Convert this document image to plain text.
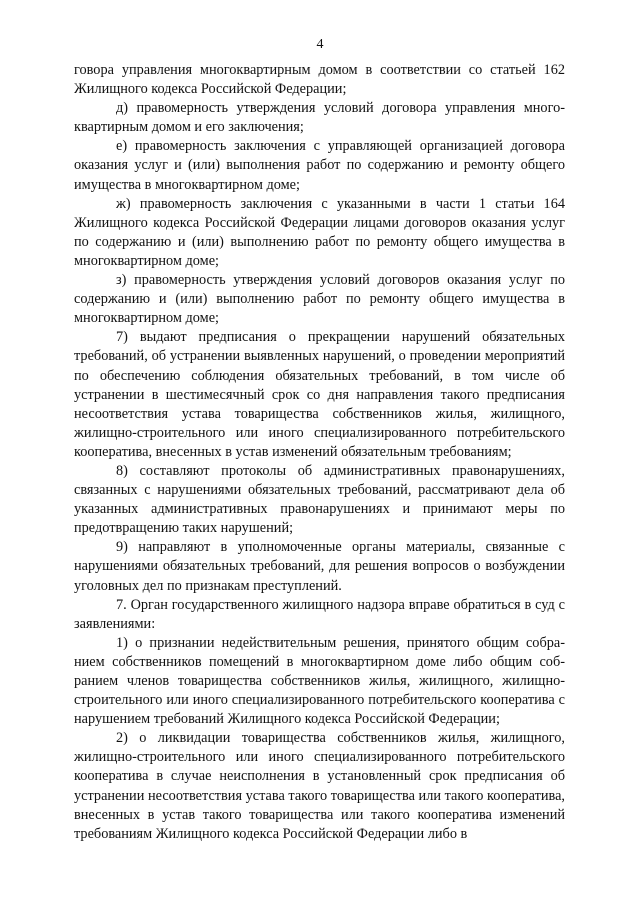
4

говора управления многоквартирным домом в соответствии со статьей 162 Жилищного кодекса Российской Федерации;

д) правомерность утверждения условий договора управления многоквартирным домом и его заключения;

е) правомерность заключения с управляющей организацией договора оказания услуг и (или) выполнения работ по содержанию и ремонту общего имущества в многоквартирном доме;

ж) правомерность заключения с указанными в части 1 статьи 164 Жилищного кодекса Российской Федерации лицами договоров оказания услуг по содержанию и (или) выполнению работ по ремонту общего имущества в многоквартирном доме;

з) правомерность утверждения условий договоров оказания услуг по содержанию и (или) выполнению работ по ремонту общего имущества в многоквартирном доме;

7) выдают предписания о прекращении нарушений обязательных требований, об устранении выявленных нарушений, о проведении мероприятий по обеспечению соблюдения обязательных требований, в том числе об устранении в шестимесячный срок со дня направления такого предписания несоответствия устава товарищества собственников жилья, жилищного, жилищно-строительного или иного специализированного потребительского кооператива, внесенных в устав изменений обязательным требованиям;

8) составляют протоколы об административных правонарушениях, связанных с нарушениями обязательных требований, рассматривают дела об указанных административных правонарушениях и принимают меры по предотвращению таких нарушений;

9) направляют в уполномоченные органы материалы, связанные с нарушениями обязательных требований, для решения вопросов о возбуждении уголовных дел по признакам преступлений.

7. Орган государственного жилищного надзора вправе обратиться в суд с заявлениями:

1) о признании недействительным решения, принятого общим собранием собственников помещений в многоквартирном доме либо общим собранием членов товарищества собственников жилья, жилищного, жилищно-строительного или иного специализированного потребительского кооператива с нарушением требований Жилищного кодекса Российской Федерации;

2) о ликвидации товарищества собственников жилья, жилищного, жилищно-строительного или иного специализированного потребительского кооператива в случае неисполнения в установленный срок предписания об устранении несоответствия устава такого товарищества или такого кооператива, внесенных в устав такого товарищества или такого кооператива изменений требованиям Жилищного кодекса Российской Федерации либо в
